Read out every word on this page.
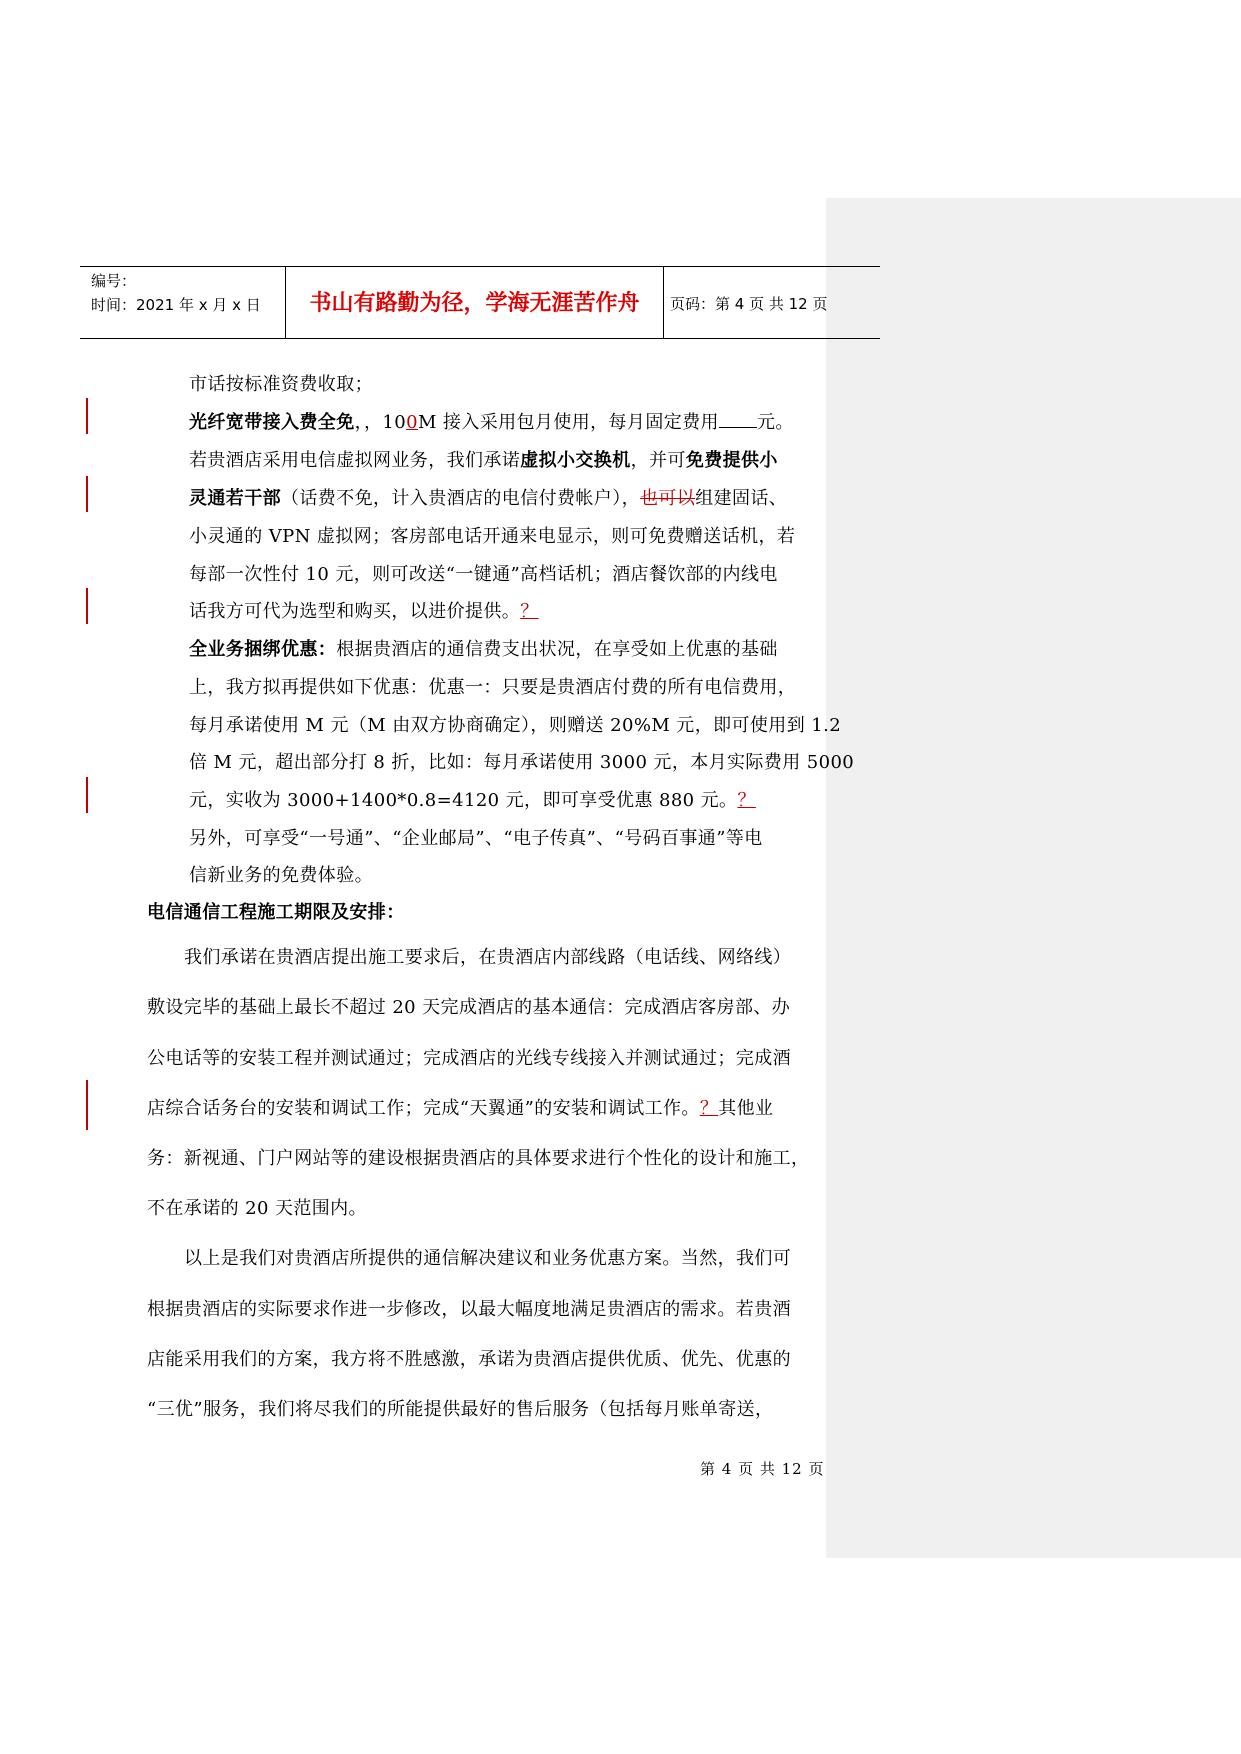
编号：
时间：2021 年 x 月 x 日	书山有路勤为径，学海无涯苦作舟	页码：第 4 页 共 12 页
市话按标准资费收取；
光纤宽带接入费全免，，100M 接入采用包月使用，每月固定费用 元。
若贵酒店采用电信虚拟网业务，我们承诺虚拟小交换机，并可免费提供小
灵通若干部（话费不免，计入贵酒店的电信付费帐户），也可以组建固话、
小灵通的 VPN 虚拟网；客房部电话开通来电显示，则可免费赠送话机，若
每部一次性付 10 元，则可改送“一键通”高档话机；酒店餐饮部的内线电
话我方可代为选型和购买，以进价提供。？
全业务捆绑优惠：根据贵酒店的通信费支出状况，在享受如上优惠的基础
上，我方拟再提供如下优惠：优惠一：只要是贵酒店付费的所有电信费用，
每月承诺使用 M 元（M 由双方协商确定），则赠送 20%M 元，即可使用到 1.2
倍 M 元，超出部分打 8 折，比如：每月承诺使用 3000 元，本月实际费用 5000
元，实收为 3000+1400*0.8=4120 元，即可享受优惠 880 元。？
另外，可享受“一号通”、“企业邮局”、“电子传真”、“号码百事通”等电
信新业务的免费体验。
电信通信工程施工期限及安排：
我们承诺在贵酒店提出施工要求后，在贵酒店内部线路（电话线、网络线）
敷设完毕的基础上最长不超过 20 天完成酒店的基本通信：完成酒店客房部、办
公电话等的安装工程并测试通过；完成酒店的光线专线接入并测试通过；完成酒
店综合话务台的安装和调试工作；完成“天翼通”的安装和调试工作。？其他业
务：新视通、门户网站等的建设根据贵酒店的具体要求进行个性化的设计和施工，
不在承诺的 20 天范围内。
以上是我们对贵酒店所提供的通信解决建议和业务优惠方案。当然，我们可
根据贵酒店的实际要求作进一步修改，以最大幅度地满足贵酒店的需求。若贵酒
店能采用我们的方案，我方将不胜感激，承诺为贵酒店提供优质、优先、优惠的
“三优”服务，我们将尽我们的所能提供最好的售后服务（包括每月账单寄送，
第 4 页 共 12 页
